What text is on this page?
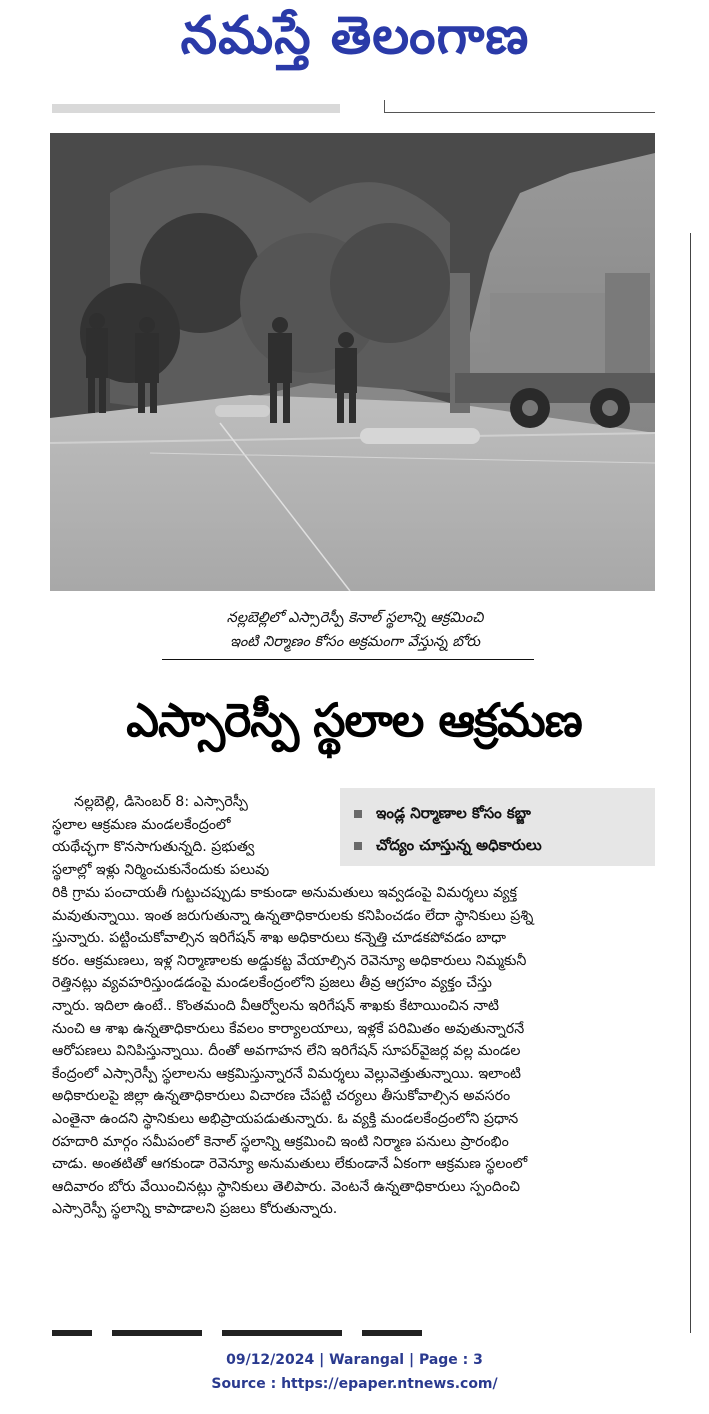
నమస్తే తెలంగాణ
నల్లబెల్లిలో ఎస్సారెస్పీ కెనాల్ స్థలాన్ని ఆక్రమించి
ఇంటి నిర్మాణం కోసం అక్రమంగా వేస్తున్న బోరు
ఎస్సారెస్పీ స్థలాల ఆక్రమణ
ఇండ్ల నిర్మాణాల కోసం కబ్జా
చోద్యం చూస్తున్న అధికారులు
నల్లబెల్లి, డిసెంబర్ 8: ఎస్సారెస్పీ
స్థలాల ఆక్రమణ మండలకేంద్రంలో
యథేచ్ఛగా కొనసాగుతున్నది. ప్రభుత్వ
స్థలాల్లో ఇళ్లు నిర్మించుకునేందుకు పలువు
రికి గ్రామ పంచాయతీ గుట్టుచప్పుడు కాకుండా అనుమతులు ఇవ్వడంపై విమర్శలు వ్యక్త
మవుతున్నాయి. ఇంత జరుగుతున్నా ఉన్నతాధికారులకు కనిపించడం లేదా స్థానికులు ప్రశ్ని
స్తున్నారు. పట్టించుకోవాల్సిన ఇరిగేషన్ శాఖ అధికారులు కన్నెత్తి చూడకపోవడం బాధా
కరం. ఆక్రమణలు, ఇళ్ల నిర్మాణాలకు అడ్డుకట్ట వేయాల్సిన రెవెన్యూ అధికారులు నిమ్మకునీ
రెత్తినట్లు వ్యవహరిస్తుండడంపై మండలకేంద్రంలోని ప్రజలు తీవ్ర ఆగ్రహం వ్యక్తం చేస్తు
న్నారు. ఇదిలా ఉంటే.. కొంతమంది వీఆర్వోలను ఇరిగేషన్ శాఖకు కేటాయించిన నాటి
నుంచి ఆ శాఖ ఉన్నతాధికారులు కేవలం కార్యాలయాలు, ఇళ్లకే పరిమితం అవుతున్నారనే
ఆరోపణలు వినిపిస్తున్నాయి. దీంతో అవగాహన లేని ఇరిగేషన్ సూపర్‌వైజర్ల వల్ల మండల
కేంద్రంలో ఎస్సారెస్పీ స్థలాలను ఆక్రమిస్తున్నారనే విమర్శలు వెల్లువెత్తుతున్నాయి. ఇలాంటి
అధికారులపై జిల్లా ఉన్నతాధికారులు విచారణ చేపట్టి చర్యలు తీసుకోవాల్సిన అవసరం
ఎంతైనా ఉందని స్థానికులు అభిప్రాయపడుతున్నారు. ఓ వ్యక్తి మండలకేంద్రంలోని ప్రధాన
రహదారి మార్గం సమీపంలో కెనాల్ స్థలాన్ని ఆక్రమించి ఇంటి నిర్మాణ పనులు ప్రారంభిం
చాడు. అంతటితో ఆగకుండా రెవెన్యూ అనుమతులు లేకుండానే ఏకంగా ఆక్రమణ స్థలంలో
ఆదివారం బోరు వేయించినట్లు స్థానికులు తెలిపారు. వెంటనే ఉన్నతాధికారులు స్పందించి
ఎస్సారెస్పీ స్థలాన్ని కాపాడాలని ప్రజలు కోరుతున్నారు.
09/12/2024 | Warangal | Page : 3
Source : https://epaper.ntnews.com/
